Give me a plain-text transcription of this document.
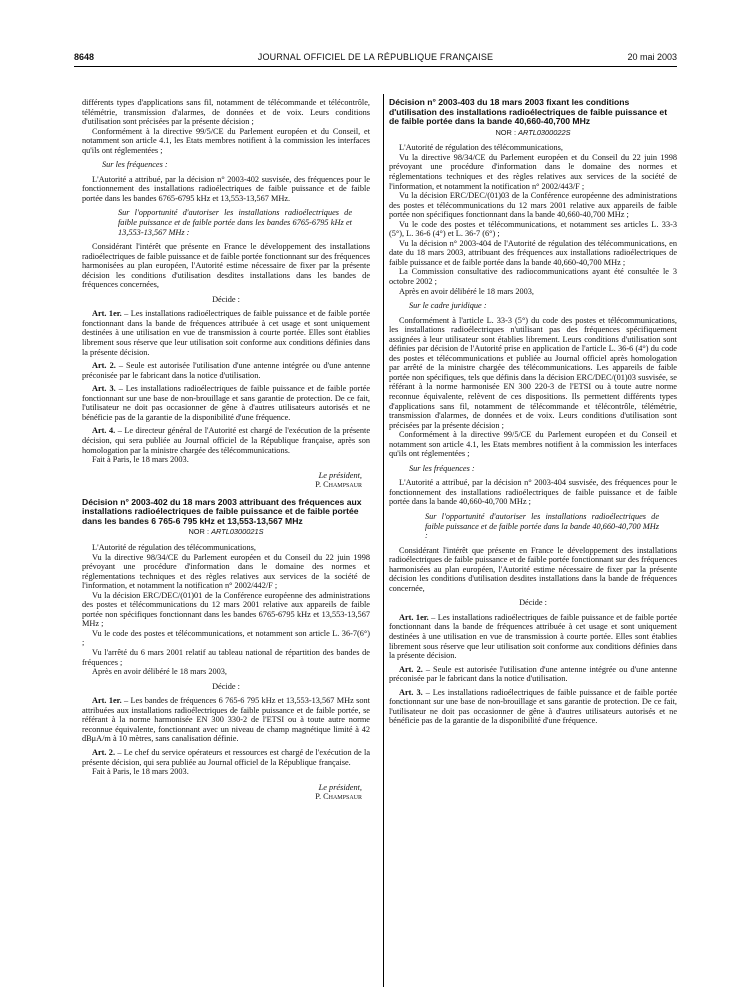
8648	JOURNAL OFFICIEL DE LA RÉPUBLIQUE FRANÇAISE	20 mai 2003

différents types d'applications sans fil, notamment de télécommande et télécontrôle, télémétrie, transmission d'alarmes, de données et de voix. Leurs conditions d'utilisation sont précisées par la présente décision ;

Conformément à la directive 99/5/CE du Parlement européen et du Conseil, et notamment son article 4.1, les Etats membres notifient à la commission les interfaces qu'ils ont réglementées ;

Sur les fréquences :

L'Autorité a attribué, par la décision n° 2003-402 susvisée, des fréquences pour le fonctionnement des installations radioélectriques de faible puissance et de faible portée dans les bandes 6765-6795 kHz et 13,553-13,567 MHz.

Sur l'opportunité d'autoriser les installations radioélectriques de faible puissance et de faible portée dans les bandes 6765-6795 kHz et 13,553-13,567 MHz :

Considérant l'intérêt que présente en France le développement des installations radioélectriques de faible puissance et de faible portée fonctionnant sur des fréquences harmonisées au plan européen, l'Autorité estime nécessaire de fixer par la présente décision les conditions d'utilisation desdites installations dans les bandes de fréquences concernées,

Décide :

Art. 1er. – Les installations radioélectriques de faible puissance et de faible portée fonctionnant dans la bande de fréquences attribuée à cet usage et sont uniquement destinées à une utilisation en vue de transmission à courte portée. Elles sont établies librement sous réserve que leur utilisation soit conforme aux conditions définies dans la présente décision.

Art. 2. – Seule est autorisée l'utilisation d'une antenne intégrée ou d'une antenne préconisée par le fabricant dans la notice d'utilisation.

Art. 3. – Les installations radioélectriques de faible puissance et de faible portée fonctionnant sur une base de non-brouillage et sans garantie de protection. De ce fait, l'utilisateur ne doit pas occasionner de gêne à d'autres utilisateurs autorisés et ne bénéficie pas de la garantie de la disponibilité d'une fréquence.

Art. 4. – Le directeur général de l'Autorité est chargé de l'exécution de la présente décision, qui sera publiée au Journal officiel de la République française, après son homologation par la ministre chargée des télécommunications.

Fait à Paris, le 18 mars 2003.

Le président,

P. Champsaur

Décision n° 2003-402 du 18 mars 2003 attribuant des fréquences aux installations radioélectriques de faible puissance et de faible portée dans les bandes 6 765-6 795 kHz et 13,553-13,567 MHz

NOR : ARTL0300021S

L'Autorité de régulation des télécommunications,

Vu la directive 98/34/CE du Parlement européen et du Conseil du 22 juin 1998 prévoyant une procédure d'information dans le domaine des normes et réglementations techniques et des règles relatives aux services de la société de l'information, et notamment la notification n° 2002/442/F ;

Vu la décision ERC/DEC/(01)01 de la Conférence européenne des administrations des postes et télécommunications du 12 mars 2001 relative aux appareils de faible portée non spécifiques fonctionnant dans les bandes 6765-6795 kHz et 13,553-13,567 MHz ;

Vu le code des postes et télécommunications, et notamment son article L. 36-7(6°) ;

Vu l'arrêté du 6 mars 2001 relatif au tableau national de répartition des bandes de fréquences ;

Après en avoir délibéré le 18 mars 2003,

Décide :

Art. 1er. – Les bandes de fréquences 6 765-6 795 kHz et 13,553-13,567 MHz sont attribuées aux installations radioélectriques de faible puissance et de faible portée, se référant à la norme harmonisée EN 300 330-2 de l'ETSI ou à toute autre norme reconnue équivalente, fonctionnant avec un niveau de champ magnétique limité à 42 dBμA/m à 10 mètres, sans canalisation définie.

Art. 2. – Le chef du service opérateurs et ressources est chargé de l'exécution de la présente décision, qui sera publiée au Journal officiel de la République française.

Fait à Paris, le 18 mars 2003.

Le président,

P. Champsaur

Décision n° 2003-403 du 18 mars 2003 fixant les conditions d'utilisation des installations radioélectriques de faible puissance et de faible portée dans la bande 40,660-40,700 MHz

NOR : ARTL0300022S

L'Autorité de régulation des télécommunications,

Vu la directive 98/34/CE du Parlement européen et du Conseil du 22 juin 1998 prévoyant une procédure d'information dans le domaine des normes et réglementations techniques et des règles relatives aux services de la société de l'information, et notamment la notification n° 2002/443/F ;

Vu la décision ERC/DEC/(01)03 de la Conférence européenne des administrations des postes et télécommunications du 12 mars 2001 relative aux appareils de faible portée non spécifiques fonctionnant dans la bande 40,660-40,700 MHz ;

Vu le code des postes et télécommunications, et notamment ses articles L. 33-3 (5°), L. 36-6 (4°) et L. 36-7 (6°) ;

Vu la décision n° 2003-404 de l'Autorité de régulation des télécommunications, en date du 18 mars 2003, attribuant des fréquences aux installations radioélectriques de faible puissance et de faible portée dans la bande 40,660-40,700 MHz ;

La Commission consultative des radiocommunications ayant été consultée le 3 octobre 2002 ;

Après en avoir délibéré le 18 mars 2003,

Sur le cadre juridique :

Conformément à l'article L. 33-3 (5°) du code des postes et télécommunications, les installations radioélectriques n'utilisant pas des fréquences spécifiquement assignées à leur utilisateur sont établies librement. Leurs conditions d'utilisation sont définies par décision de l'Autorité prise en application de l'article L. 36-6 (4°) du code des postes et télécommunications et publiée au Journal officiel après homologation par arrêté de la ministre chargée des télécommunications. Les appareils de faible portée non spécifiques, tels que définis dans la décision ERC/DEC/(01)03 susvisée, se référant à la norme harmonisée EN 300 220-3 de l'ETSI ou à toute autre norme reconnue équivalente, relèvent de ces dispositions. Ils permettent différents types d'applications sans fil, notamment de télécommande et télécontrôle, télémétrie, transmission d'alarmes, de données et de voix. Leurs conditions d'utilisation sont précisées par la présente décision ;

Conformément à la directive 99/5/CE du Parlement européen et du Conseil et notamment son article 4.1, les Etats membres notifient à la commission les interfaces qu'ils ont réglementées ;

Sur les fréquences :

L'Autorité a attribué, par la décision n° 2003-404 susvisée, des fréquences pour le fonctionnement des installations radioélectriques de faible puissance et de faible portée dans la bande 40,660-40,700 MHz ;

Sur l'opportunité d'autoriser les installations radioélectriques de faible puissance et de faible portée dans la bande 40,660-40,700 MHz :

Considérant l'intérêt que présente en France le développement des installations radioélectriques de faible puissance et de faible portée fonctionnant sur des fréquences harmonisées au plan européen, l'Autorité estime nécessaire de fixer par la présente décision les conditions d'utilisation desdites installations dans la bande de fréquences concernée,

Décide :

Art. 1er. – Les installations radioélectriques de faible puissance et de faible portée fonctionnant dans la bande de fréquences attribuée à cet usage et sont uniquement destinées à une utilisation en vue de transmission à courte portée. Elles sont établies librement sous réserve que leur utilisation soit conforme aux conditions définies dans la présente décision.

Art. 2. – Seule est autorisée l'utilisation d'une antenne intégrée ou d'une antenne préconisée par le fabricant dans la notice d'utilisation.

Art. 3. – Les installations radioélectriques de faible puissance et de faible portée fonctionnant sur une base de non-brouillage et sans garantie de protection. De ce fait, l'utilisateur ne doit pas occasionner de gêne à d'autres utilisateurs autorisés et ne bénéficie pas de la garantie de la disponibilité d'une fréquence.
